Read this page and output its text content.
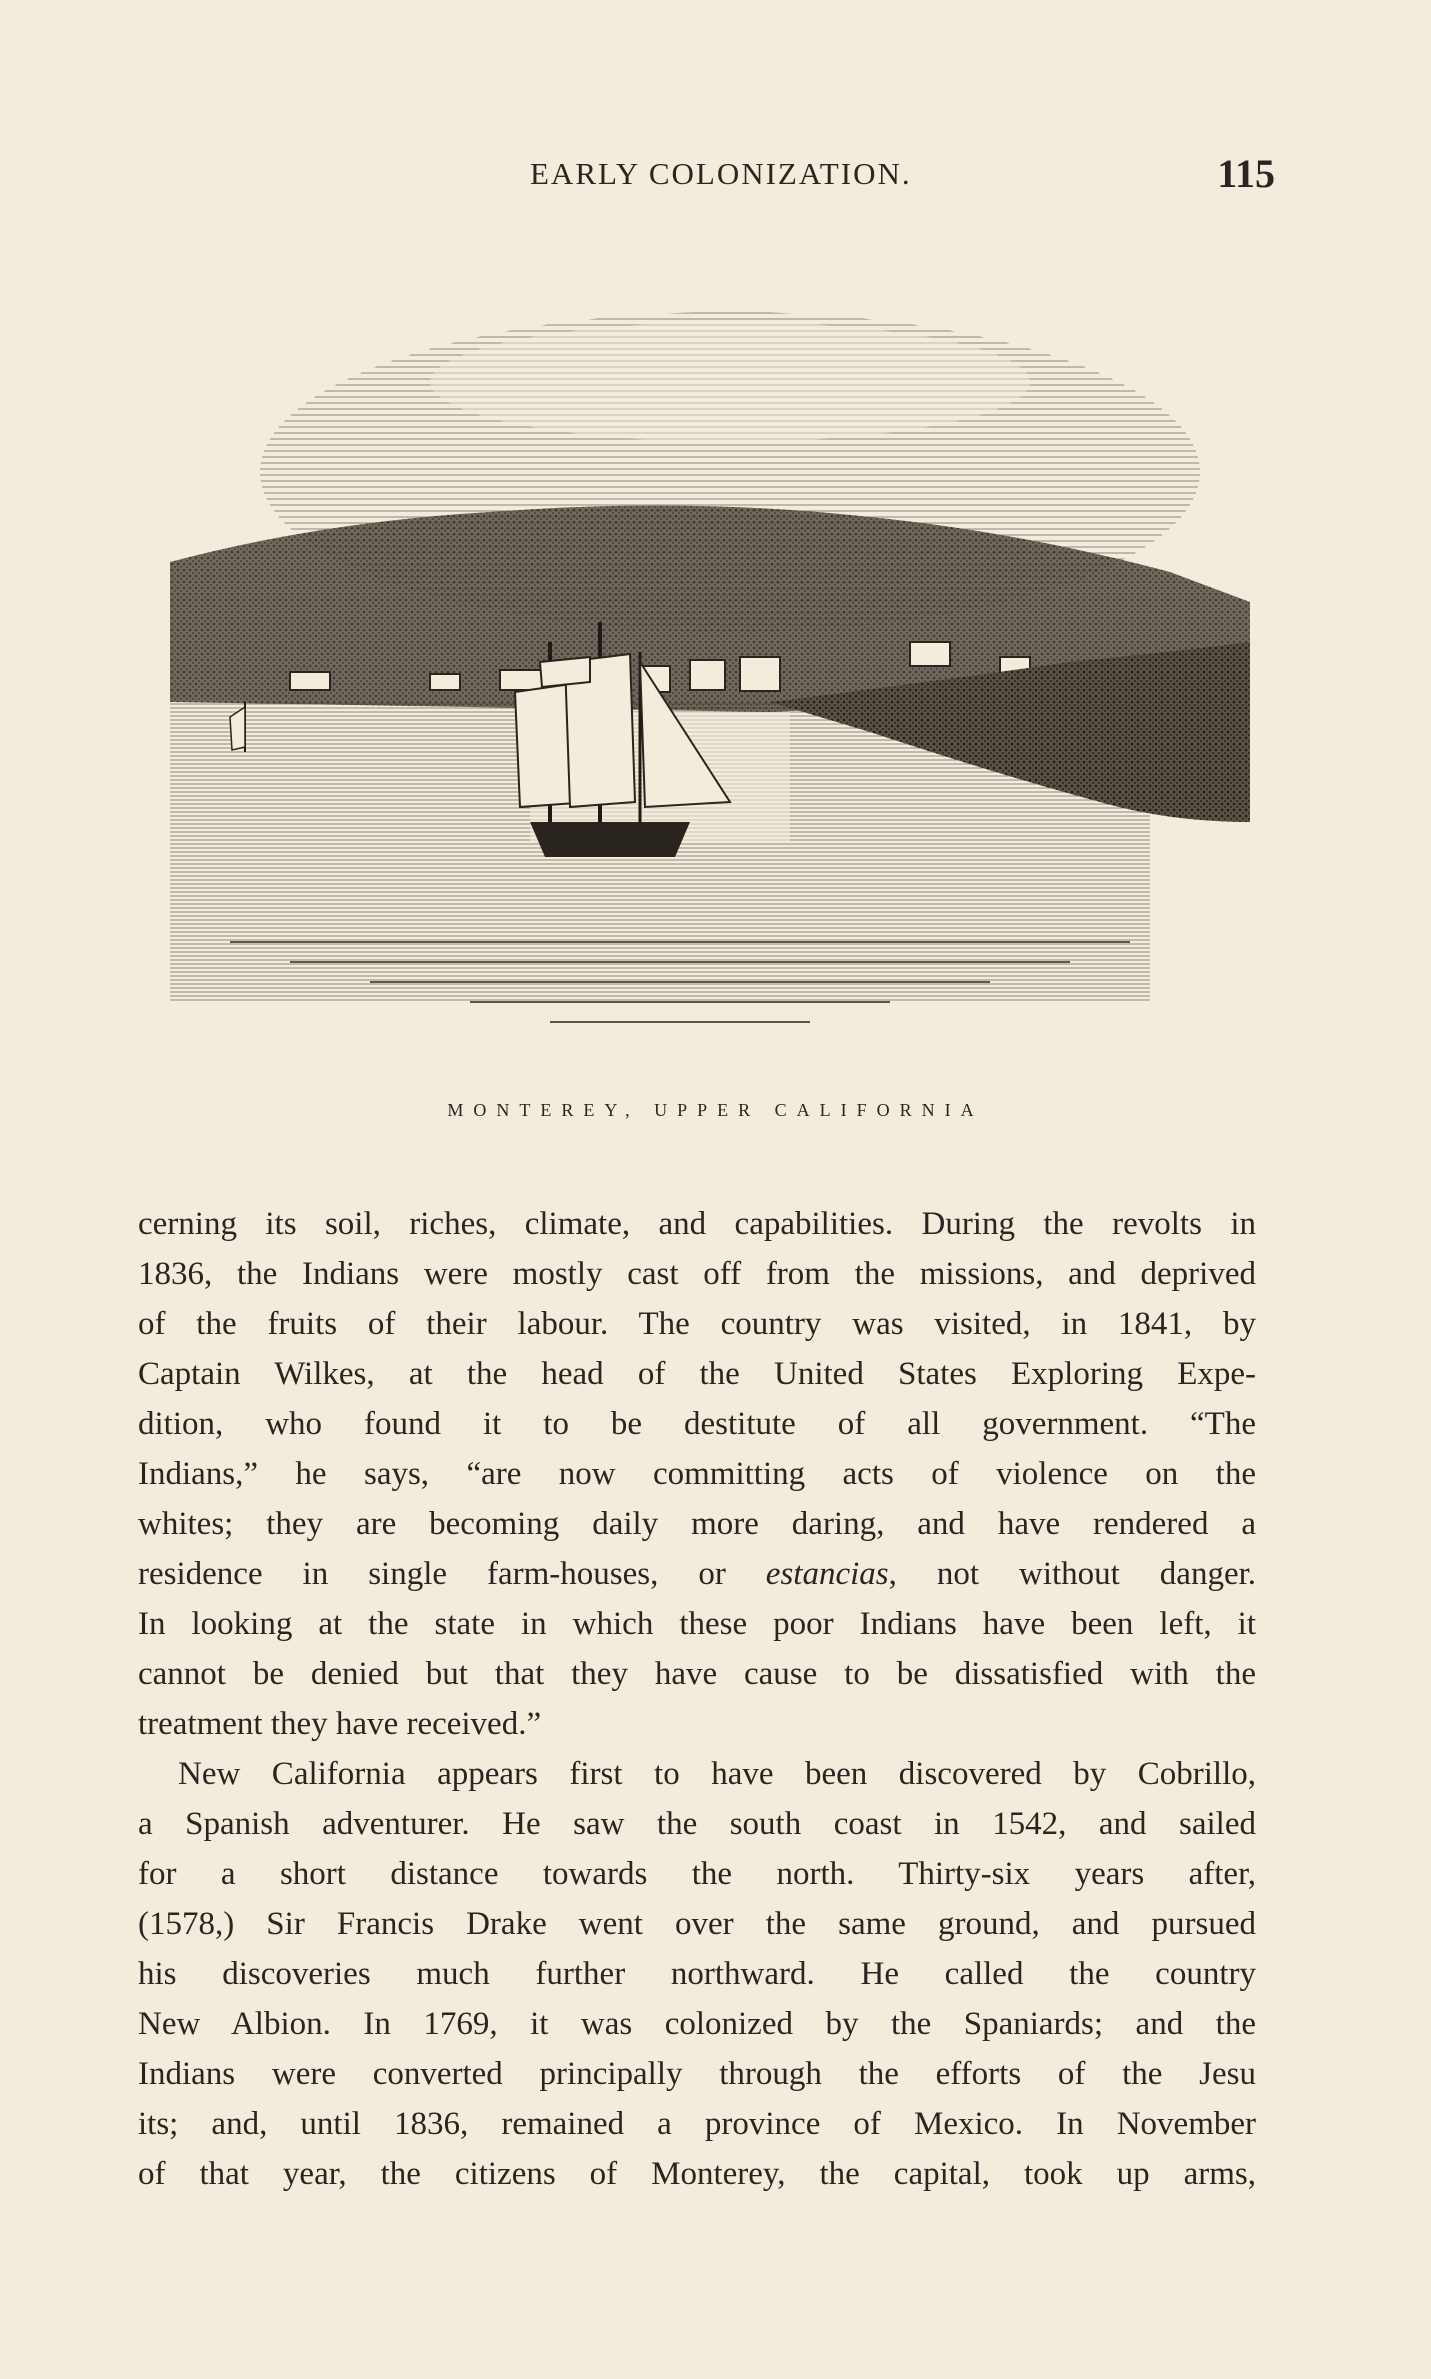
EARLY COLONIZATION.	115
MONTEREY, UPPER CALIFORNIA
cerning its soil, riches, climate, and capabilities. During the revolts in
1836, the Indians were mostly cast off from the missions, and deprived
of the fruits of their labour. The country was visited, in 1841, by
Captain Wilkes, at the head of the United States Exploring Expe-
dition, who found it to be destitute of all government. “The
Indians,” he says, “are now committing acts of violence on the
whites; they are becoming daily more daring, and have rendered a
residence in single farm-houses, or estancias, not without danger.
In looking at the state in which these poor Indians have been left, it
cannot be denied but that they have cause to be dissatisfied with the
treatment they have received.”
New California appears first to have been discovered by Cobrillo,
a Spanish adventurer. He saw the south coast in 1542, and sailed
for a short distance towards the north. Thirty-six years after,
(1578,) Sir Francis Drake went over the same ground, and pursued
his discoveries much further northward. He called the country
New Albion. In 1769, it was colonized by the Spaniards; and the
Indians were converted principally through the efforts of the Jesu
its; and, until 1836, remained a province of Mexico. In November
of that year, the citizens of Monterey, the capital, took up arms,
